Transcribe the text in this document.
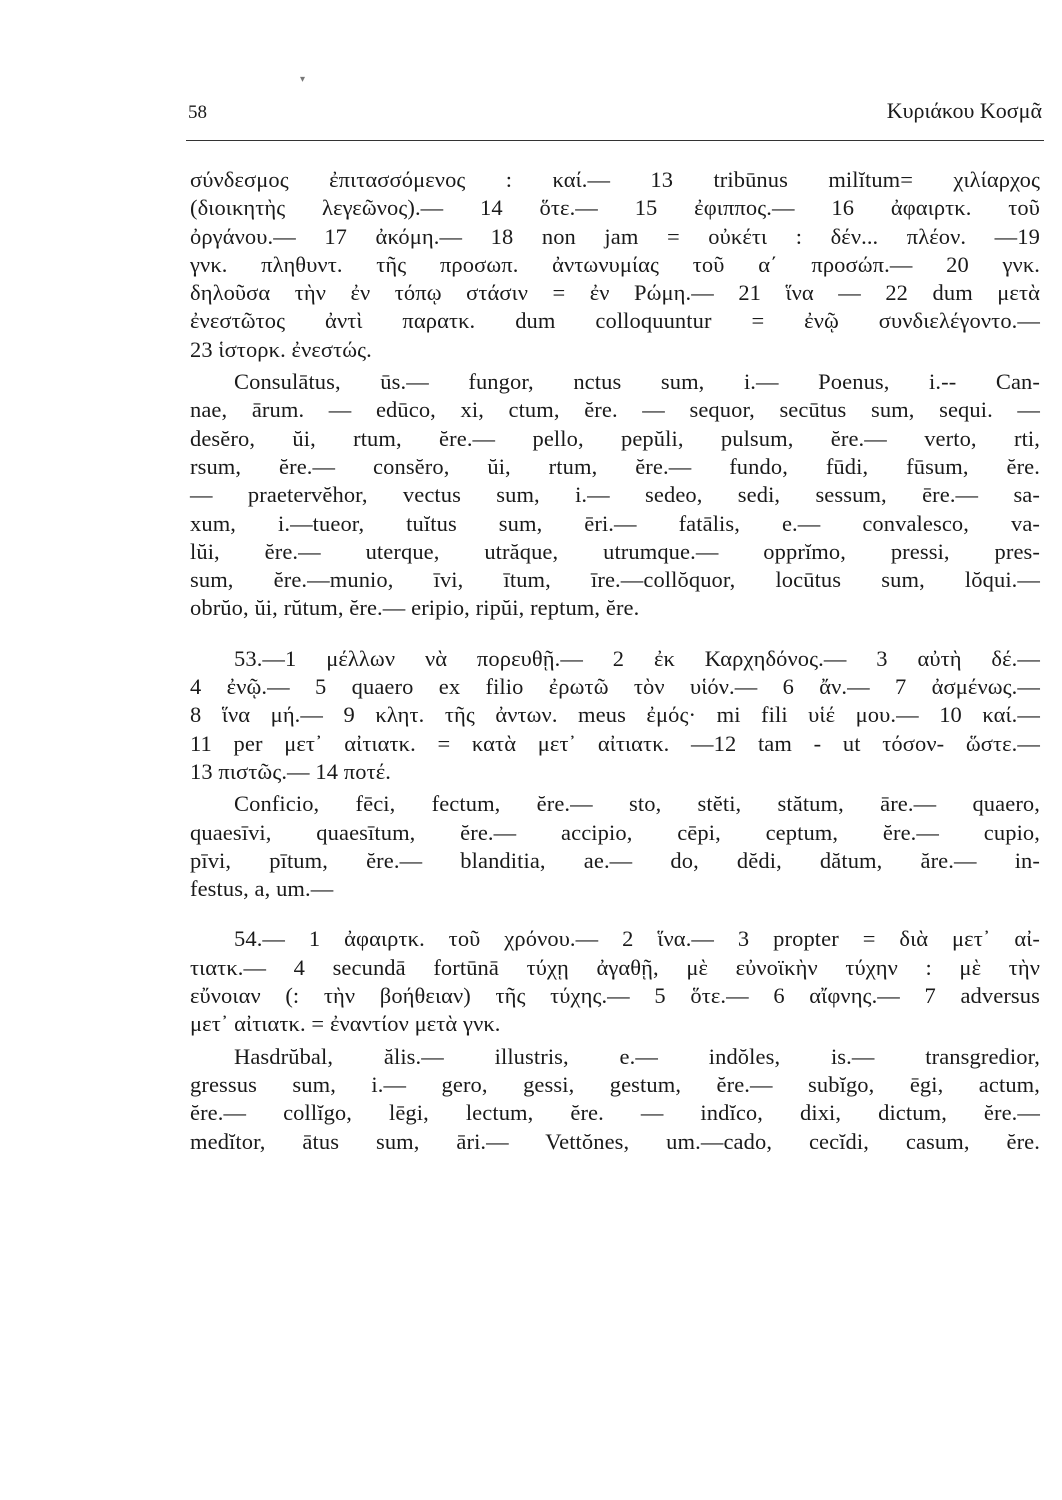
▾
58	Κυριάκου Κοσμᾶ
σύνδεσμος ἐπιτασσόμενος : καί.— 13 tribūnus milĭtum= χιλίαρχος
(διοικητὴς λεγεῶνος).— 14 ὅτε.— 15 ἐφιππος.— 16 ἀφαιρτκ. τοῦ
ὀργάνου.— 17 ἀκόμη.— 18 non jam = οὐκέτι : δέν... πλέον. —19
γνκ. πληθυντ. τῆς προσωπ. ἀντωνυμίας τοῦ α΄ προσώπ.— 20 γνκ.
δηλοῦσα τὴν ἐν τόπῳ στάσιν = ἐν Ρώμη.— 21 ἵνα — 22 dum μετὰ
ἐνεστῶτος ἀντὶ παρατκ. dum colloquuntur = ἐνῷ συνδιελέγοντο.—
23 ἱστορκ. ἐνεστώς.
Consulātus, ūs.— fungor, nctus sum, i.— Poenus, i.-- Can-
nae, ārum. — edūco, xi, ctum, ĕre. — sequor, secūtus sum, sequi. —
desĕro, ŭi, rtum, ĕre.— pello, pepŭli, pulsum, ĕre.— verto, rti,
rsum, ĕre.— consĕro, ŭi, rtum, ĕre.— fundo, fūdi, fūsum, ĕre.
— praetervĕhor, vectus sum, i.— sedeo, sedi, sessum, ēre.— sa-
xum, i.—tueor, tuĭtus sum, ēri.— fatālis, e.— convalesco, va-
lŭi, ĕre.— uterque, utrăque, utrumque.— opprĭmo, pressi, pres-
sum, ĕre.—munio, īvi, ītum, īre.—collŏquor, locūtus sum, lŏqui.—
obrŭo, ŭi, rŭtum, ĕre.— eripio, ripŭi, reptum, ĕre.
53.—1 μέλλων νὰ πορευθῇ.— 2 ἐκ Καρχηδόνος.— 3 αὐτὴ δέ.—
4 ἐνῷ.— 5 quaero ex filio ἐρωτῶ τὸν υἱόν.— 6 ἄν.— 7 ἀσμένως.—
8 ἵνα μή.— 9 κλητ. τῆς ἀντων. meus ἐμός· mi fili υἱέ μου.— 10 καί.—
11 per μετ᾽ αἰτιατκ. = κατὰ μετ᾽ αἰτιατκ. —12 tam - ut τόσον- ὥστε.—
13 πιστῶς.— 14 ποτέ.
Conficio, fēci, fectum, ĕre.— sto, stĕti, stătum, āre.— quaero,
quaesīvi, quaesītum, ĕre.— accipio, cēpi, ceptum, ĕre.— cupio,
pīvi, pītum, ĕre.— blanditia, ae.— do, dĕdi, dătum, ăre.— in-
festus, a, um.—
54.— 1 ἀφαιρτκ. τοῦ χρόνου.— 2 ἵνα.— 3 propter = διὰ μετ᾽ αἰ-
τιατκ.— 4 secundā fortūnā τύχῃ ἀγαθῇ, μὲ εὐνοϊκὴν τύχην : μὲ τὴν
εὔνοιαν (: τὴν βοήθειαν) τῆς τύχης.— 5 ὅτε.— 6 αἴφνης.— 7 adversus
μετ᾽ αἰτιατκ. = ἐναντίον μετὰ γνκ.
Hasdrŭbal, ălis.— illustris, e.— indŏles, is.— transgredior,
gressus sum, i.— gero, gessi, gestum, ĕre.— subĭgo, ēgi, actum,
ĕre.— collĭgo, lēgi, lectum, ĕre. — indĭco, dixi, dictum, ĕre.—
medĭtor, ātus sum, āri.— Vettŏnes, um.—cado, cecĭdi, casum, ĕre.
